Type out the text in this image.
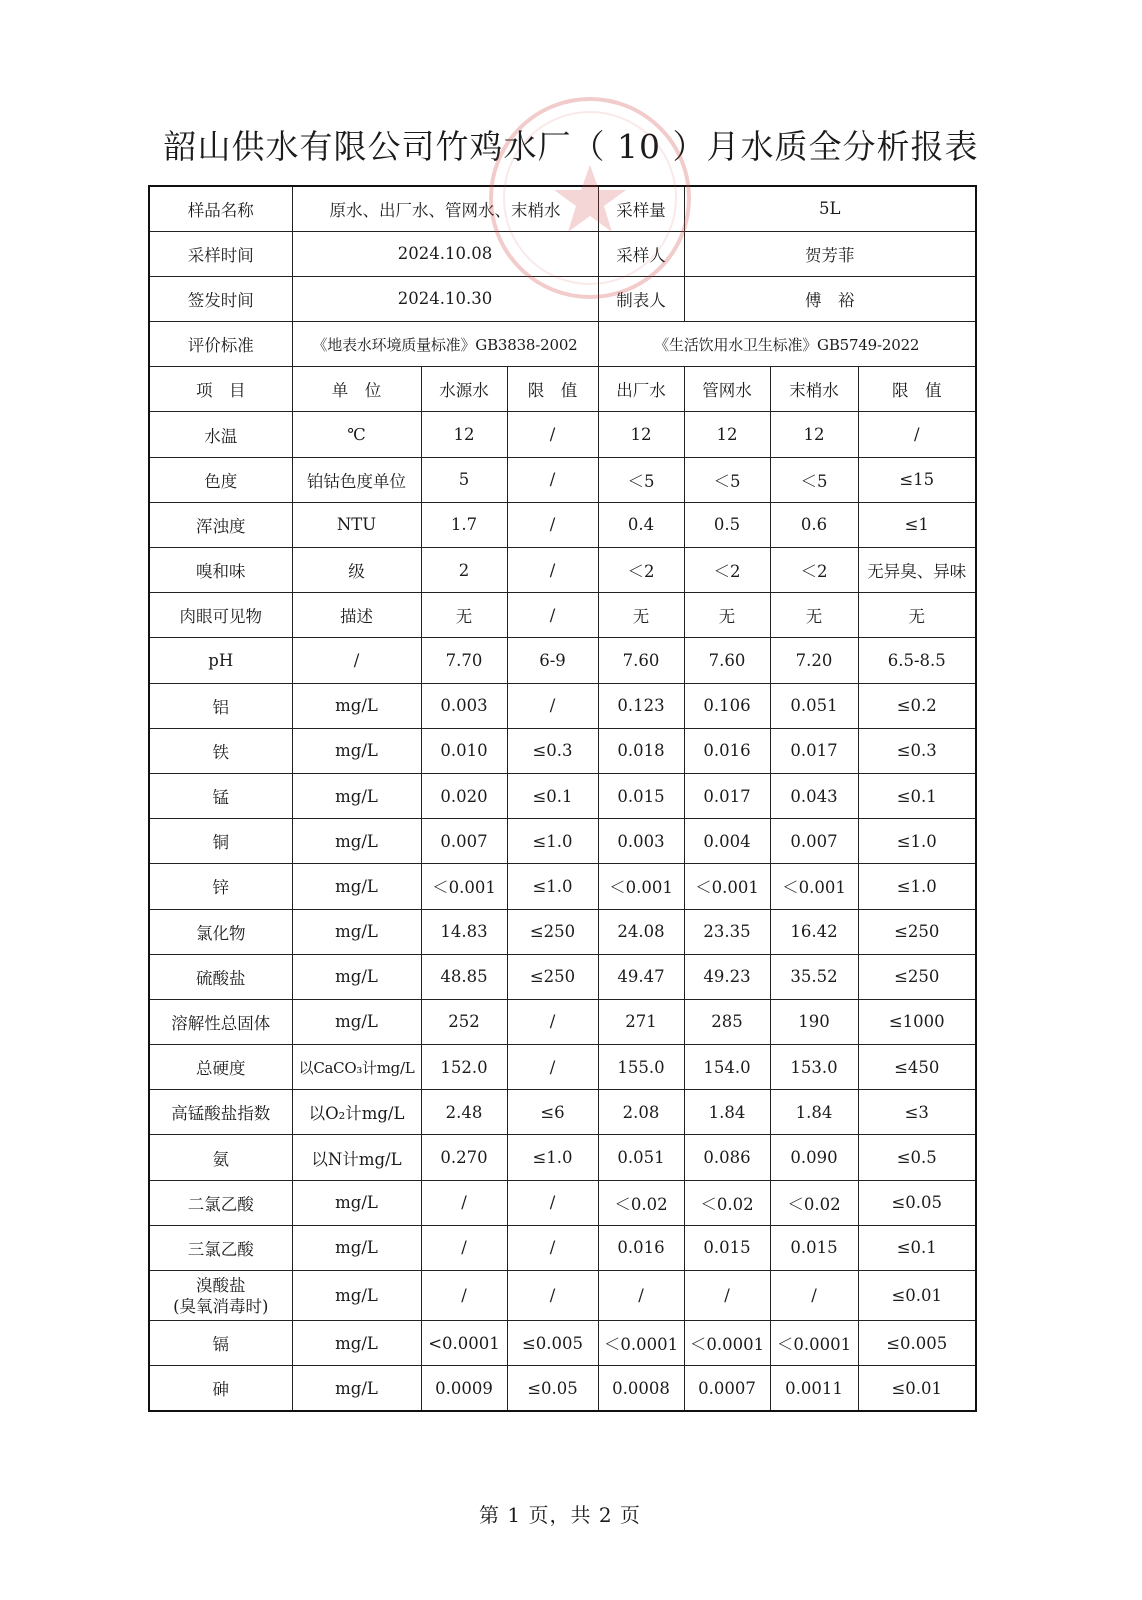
韶山供水有限公司竹鸡水厂（ 10 ）月水质全分析报表
样品名称	原水、出厂水、管网水、末梢水			采样量	5L		
采样时间	2024.10.08			采样人	贺芳菲		
签发时间	2024.10.30			制表人	傅　裕		
评价标准	《地表水环境质量标准》GB3838-2002			《生活饮用水卫生标准》GB5749-2022			
项　目	单　位	水源水	限　值	出厂水	管网水	末梢水	限　值
水温	℃	12	/	12	12	12	/
色度	铂钴色度单位	5	/	＜5	＜5	＜5	≤15
浑浊度	NTU	1.7	/	0.4	0.5	0.6	≤1
嗅和味	级	2	/	＜2	＜2	＜2	无异臭、异味
肉眼可见物	描述	无	/	无	无	无	无
pH	/	7.70	6-9	7.60	7.60	7.20	6.5-8.5
铝	mg/L	0.003	/	0.123	0.106	0.051	≤0.2
铁	mg/L	0.010	≤0.3	0.018	0.016	0.017	≤0.3
锰	mg/L	0.020	≤0.1	0.015	0.017	0.043	≤0.1
铜	mg/L	0.007	≤1.0	0.003	0.004	0.007	≤1.0
锌	mg/L	＜0.001	≤1.0	＜0.001	＜0.001	＜0.001	≤1.0
氯化物	mg/L	14.83	≤250	24.08	23.35	16.42	≤250
硫酸盐	mg/L	48.85	≤250	49.47	49.23	35.52	≤250
溶解性总固体	mg/L	252	/	271	285	190	≤1000
总硬度	以CaCO₃计mg/L	152.0	/	155.0	154.0	153.0	≤450
高锰酸盐指数	以O₂计mg/L	2.48	≤6	2.08	1.84	1.84	≤3
氨	以N计mg/L	0.270	≤1.0	0.051	0.086	0.090	≤0.5
二氯乙酸	mg/L	/	/	＜0.02	＜0.02	＜0.02	≤0.05
三氯乙酸	mg/L	/	/	0.016	0.015	0.015	≤0.1

溴酸盐
(臭氧消毒时)	mg/L	/	/	/	/	/	≤0.01
镉	mg/L	<0.0001	≤0.005	＜0.0001	＜0.0001	＜0.0001	≤0.005
砷	mg/L	0.0009	≤0.05	0.0008	0.0007	0.0011	≤0.01
第 1 页，共 2 页
